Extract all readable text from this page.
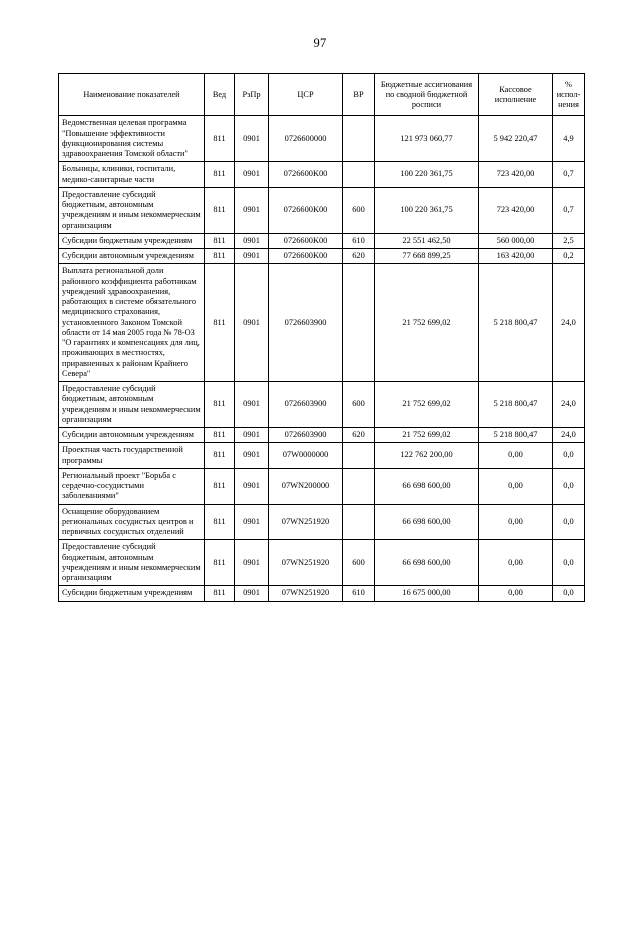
97
Наименование показателей	Вед	РзПр	ЦСР	ВР	Бюджетные ассигнования по сводной бюджетной росписи	Кассовое исполнение	% испол-нения
Ведомственная целевая программа "Повышение эффективности функционирования системы здравоохранения Томской области"	811	0901	0726600000		121 973 060,77	5 942 220,47	4,9
Больницы, клиники, госпитали, медико-санитарные части	811	0901	0726600K00		100 220 361,75	723 420,00	0,7
Предоставление субсидий бюджетным, автономным учреждениям и иным некоммерческим организациям	811	0901	0726600K00	600	100 220 361,75	723 420,00	0,7
Субсидии бюджетным учреждениям	811	0901	0726600K00	610	22 551 462,50	560 000,00	2,5
Субсидии автономным учреждениям	811	0901	0726600K00	620	77 668 899,25	163 420,00	0,2
Выплата региональной доли районного коэффициента работникам учреждений здравоохранения, работающих в системе обязательного медицинского страхования, установленного Законом Томской области от 14 мая 2005 года № 78-ОЗ "О гарантиях и компенсациях для лиц, проживающих в местностях, приравненных к районам Крайнего Севера"	811	0901	0726603900		21 752 699,02	5 218 800,47	24,0
Предоставление субсидий бюджетным, автономным учреждениям и иным некоммерческим организациям	811	0901	0726603900	600	21 752 699,02	5 218 800,47	24,0
Субсидии автономным учреждениям	811	0901	0726603900	620	21 752 699,02	5 218 800,47	24,0
Проектная часть государственной программы	811	0901	07W0000000		122 762 200,00	0,00	0,0
Региональный проект "Борьба с сердечно-сосудистыми заболеваниями"	811	0901	07WN200000		66 698 600,00	0,00	0,0
Оснащение оборудованием региональных сосудистых центров и первичных сосудистых отделений	811	0901	07WN251920		66 698 600,00	0,00	0,0
Предоставление субсидий бюджетным, автономным учреждениям и иным некоммерческим организациям	811	0901	07WN251920	600	66 698 600,00	0,00	0,0
Субсидии бюджетным учреждениям	811	0901	07WN251920	610	16 675 000,00	0,00	0,0
